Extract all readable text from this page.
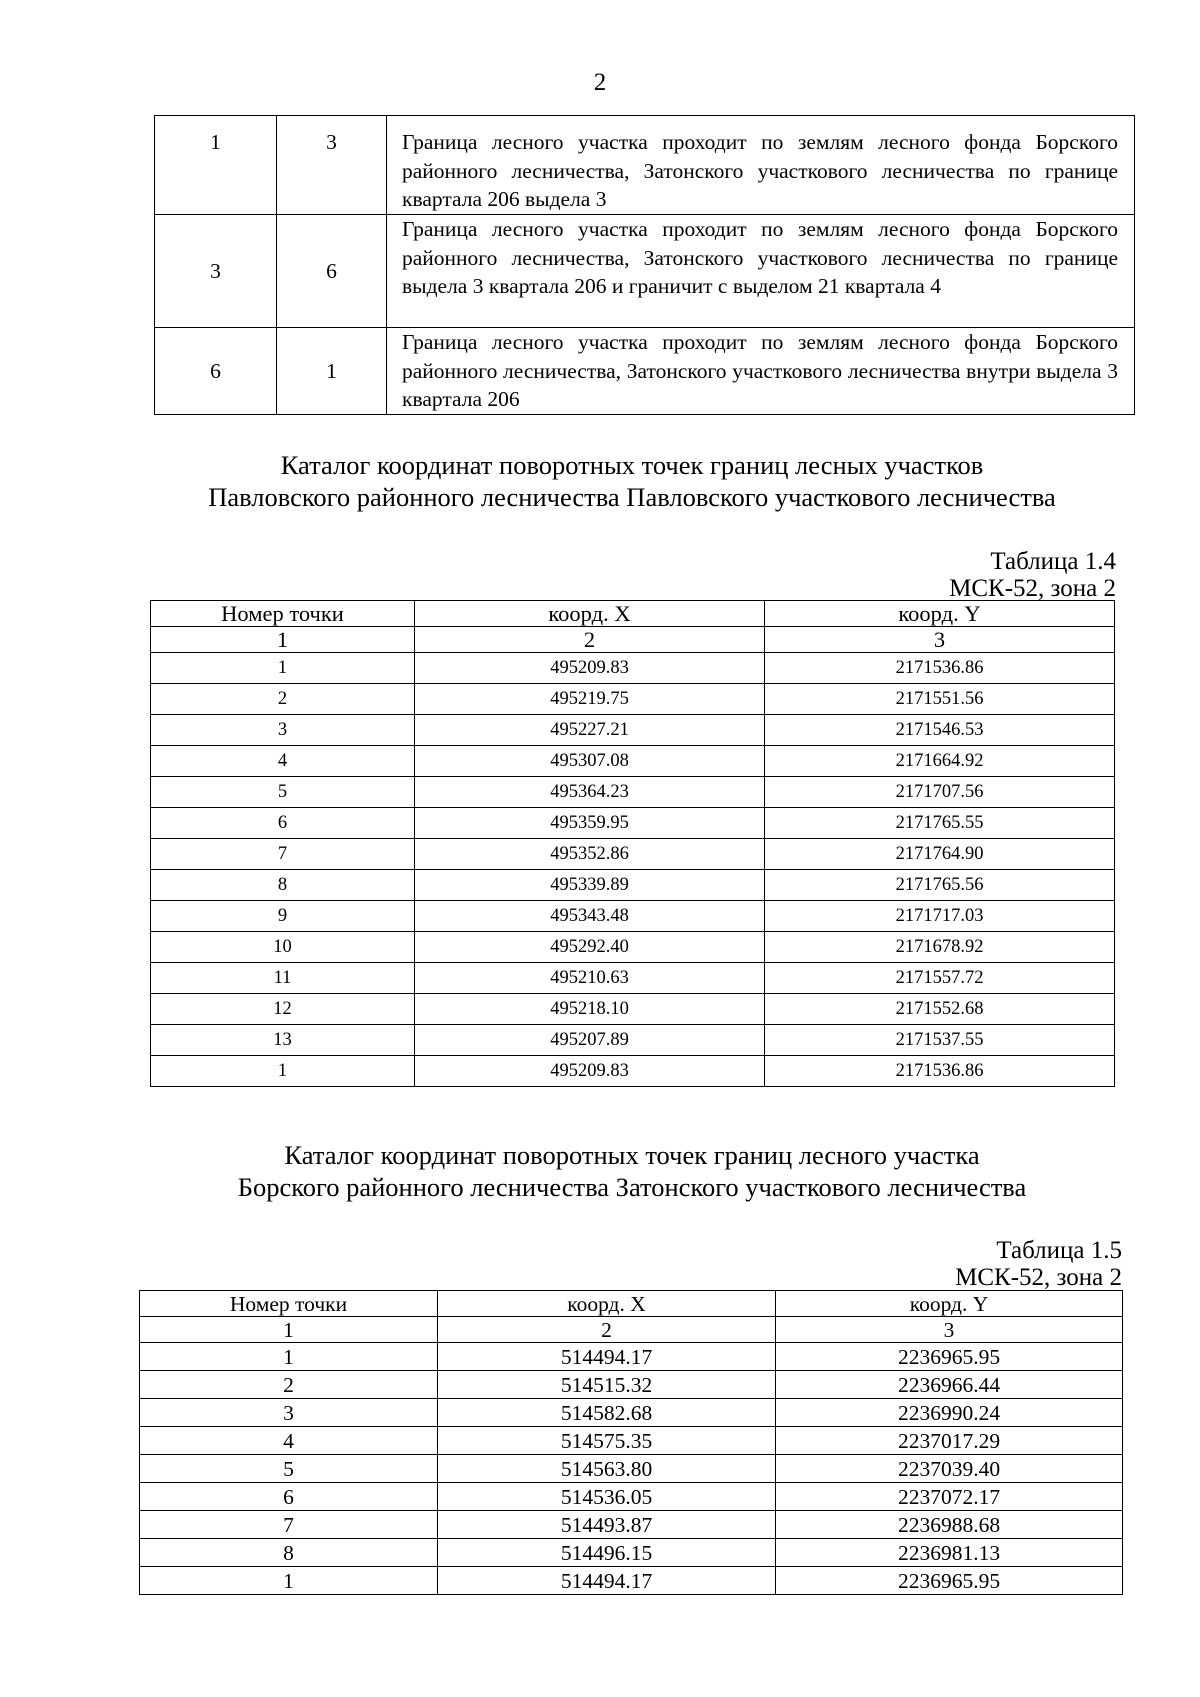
2
1	3	Граница лесного участка проходит по землям лесного фонда Борского районного лесничества, Затонского участкового лесничества по границе квартала 206 выдела 3
3	6	Граница лесного участка проходит по землям лесного фонда Борского районного лесничества, Затонского участкового лесничества по границе выдела 3 квартала 206 и граничит с выделом 21 квартала 4
6	1	Граница лесного участка проходит по землям лесного фонда Борского районного лесничества, Затонского участкового лесничества внутри выдела 3 квартала 206
Каталог координат поворотных точек границ лесных участков
Павловского районного лесничества Павловского участкового лесничества
Таблица 1.4
МСК-52, зона 2
Номер точки	коорд. X	коорд. Y
1	2	3
1	495209.83	2171536.86
2	495219.75	2171551.56
3	495227.21	2171546.53
4	495307.08	2171664.92
5	495364.23	2171707.56
6	495359.95	2171765.55
7	495352.86	2171764.90
8	495339.89	2171765.56
9	495343.48	2171717.03
10	495292.40	2171678.92
11	495210.63	2171557.72
12	495218.10	2171552.68
13	495207.89	2171537.55
1	495209.83	2171536.86
Каталог координат поворотных точек границ лесного участка
Борского районного лесничества Затонского участкового лесничества
Таблица 1.5
МСК-52, зона 2
Номер точки	коорд. X	коорд. Y
1	2	3
1	514494.17	2236965.95
2	514515.32	2236966.44
3	514582.68	2236990.24
4	514575.35	2237017.29
5	514563.80	2237039.40
6	514536.05	2237072.17
7	514493.87	2236988.68
8	514496.15	2236981.13
1	514494.17	2236965.95
